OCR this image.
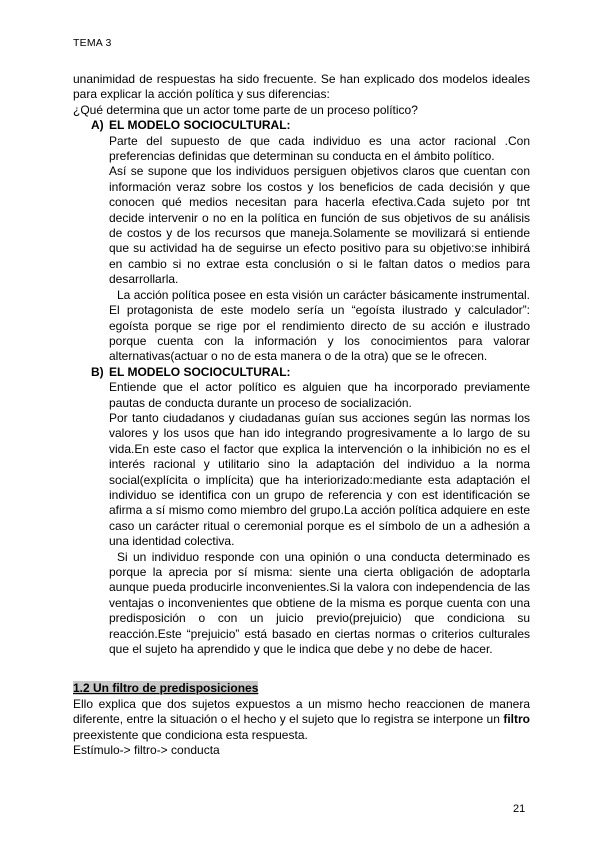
TEMA 3

unanimidad de respuestas ha sido frecuente. Se han explicado dos modelos ideales para explicar la acción política y sus diferencias:

¿Qué determina que un actor tome parte de un proceso político?

A) EL MODELO SOCIOCULTURAL:

Parte del supuesto de que cada individuo es una actor racional .Con preferencias definidas que determinan su conducta en el ámbito político.

Así se supone que los individuos persiguen objetivos claros que cuentan con información veraz sobre los costos y los beneficios de cada decisión y que conocen qué medios necesitan para hacerla efectiva.Cada sujeto por tnt decide intervenir o no en la política en función de sus objetivos de su análisis de costos y de los recursos que maneja.Solamente se movilizará si entiende que su actividad ha de seguirse un efecto positivo para su objetivo:se inhibirá en cambio si no extrae esta conclusión o si le faltan datos o medios para desarrollarla.

La acción política posee en esta visión un carácter básicamente instrumental. El protagonista de este modelo sería un “egoísta ilustrado y calculador”: egoísta porque se rige por el rendimiento directo de su acción e ilustrado porque cuenta con la información y los conocimientos para valorar alternativas(actuar o no de esta manera o de la otra) que se le ofrecen.

B) EL MODELO SOCIOCULTURAL:

Entiende que el actor político es alguien que ha incorporado previamente pautas de conducta durante un proceso de socialización.

Por tanto ciudadanos y ciudadanas guían sus acciones según las normas los valores y los usos que han ido integrando progresivamente a lo largo de su vida.En este caso el factor que explica la intervención o la inhibición no es el interés racional y utilitario sino la adaptación del individuo a la norma social(explícita o implícita) que ha interiorizado:mediante esta adaptación el individuo se identifica con un grupo de referencia y con est identificación se afirma a sí mismo como miembro del grupo.La acción política adquiere en este caso un carácter ritual o ceremonial porque es el símbolo de un a adhesión a una identidad colectiva.

Si un individuo responde con una opinión o una conducta determinado es porque la aprecia por sí misma: siente una cierta obligación de adoptarla aunque pueda producirle inconvenientes.Si la valora con independencia de las ventajas o inconvenientes que obtiene de la misma es porque cuenta con una predisposición o con un juicio previo(prejuicio) que condiciona su reacción.Este “prejuicio” está basado en ciertas normas o criterios culturales que el sujeto ha aprendido y que le indica que debe y no debe de hacer.

1.2 Un filtro de predisposiciones

Ello explica que dos sujetos expuestos a un mismo hecho reaccionen de manera diferente, entre la situación o el hecho y el sujeto que lo registra se interpone un filtro preexistente que condiciona esta respuesta.

Estímulo-> filtro-> conducta

21
